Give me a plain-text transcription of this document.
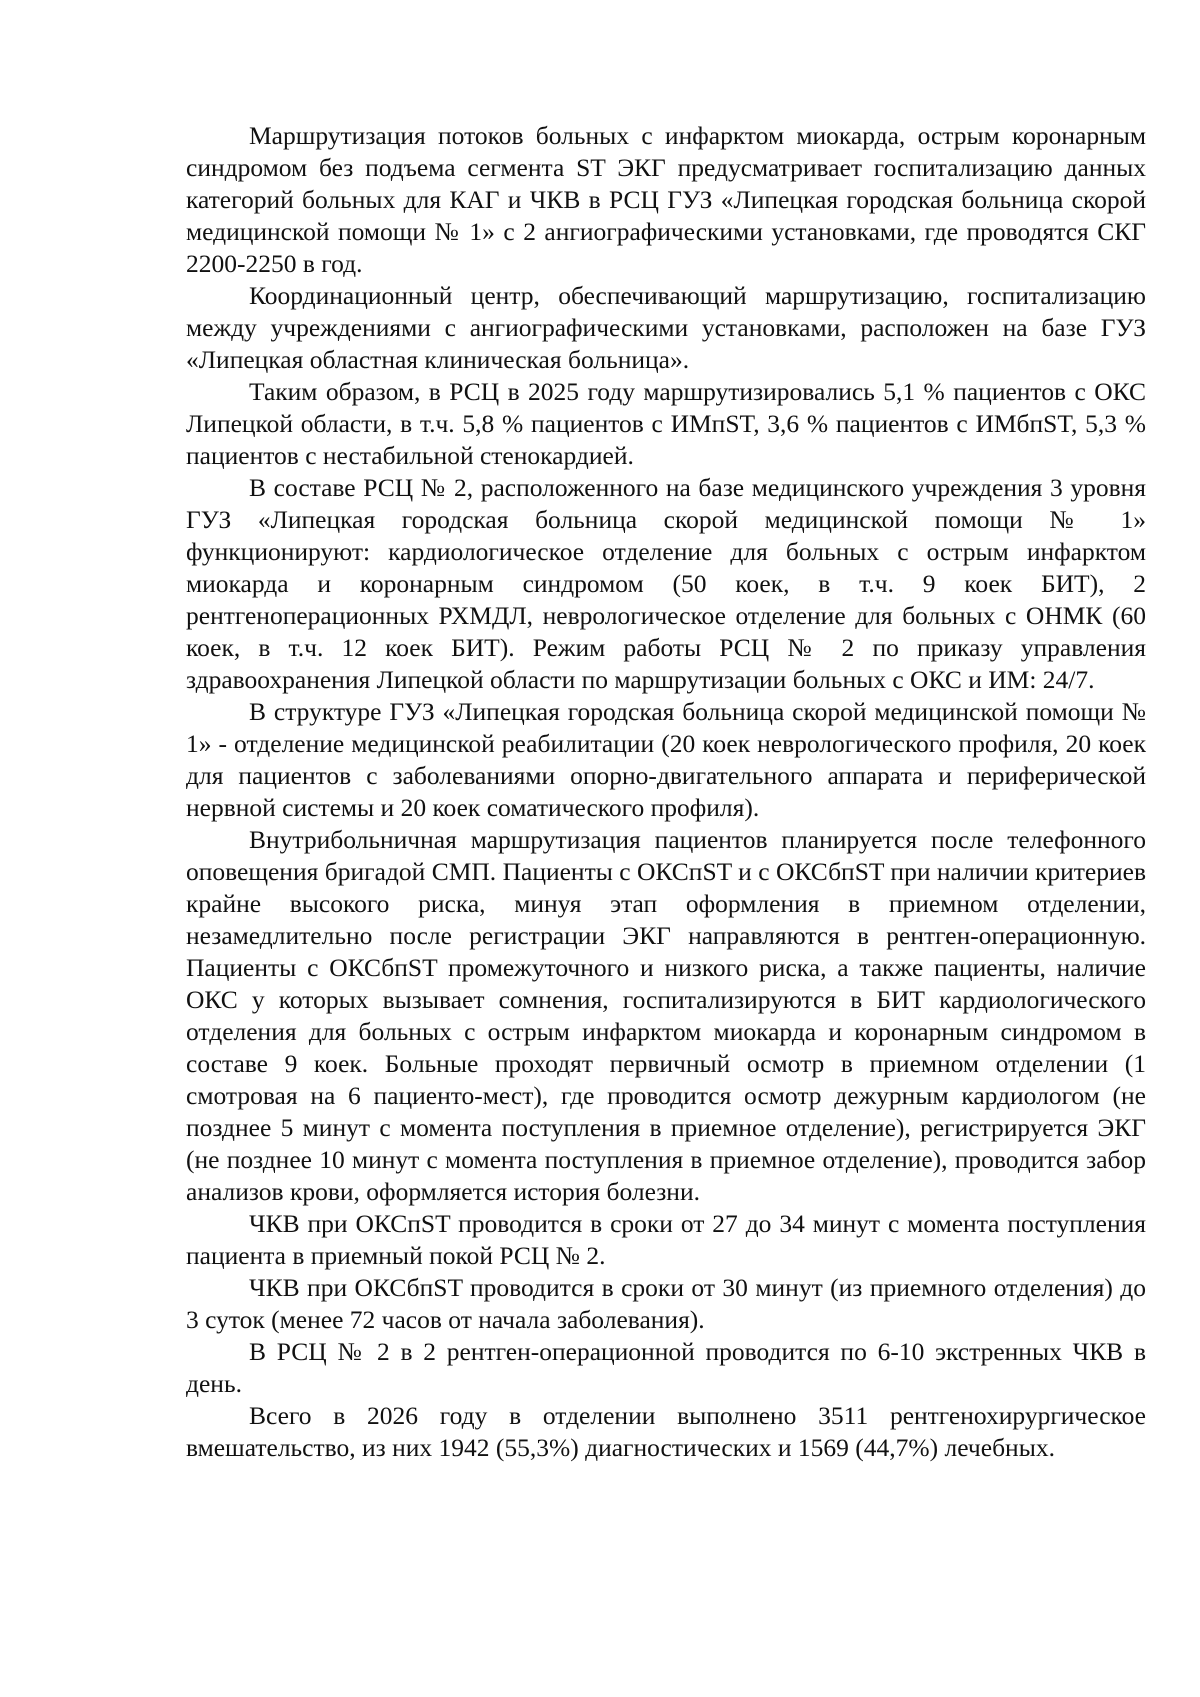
Маршрутизация потоков больных с инфарктом миокарда, острым коронарным синдромом без подъема сегмента ST ЭКГ предусматривает госпитализацию данных категорий больных для КАГ и ЧКВ в РСЦ ГУЗ «Липецкая городская больница скорой медицинской помощи № 1» с 2 ангиографическими установками, где проводятся СКГ 2200-2250 в год.

Координационный центр, обеспечивающий маршрутизацию, госпитализацию между учреждениями с ангиографическими установками, расположен на базе ГУЗ «Липецкая областная клиническая больница».

Таким образом, в РСЦ в 2025 году маршрутизировались 5,1 % пациентов с ОКС Липецкой области, в т.ч. 5,8 % пациентов с ИМпST, 3,6 % пациентов с ИМбпST, 5,3 % пациентов с нестабильной стенокардией.

В составе РСЦ № 2, расположенного на базе медицинского учреждения 3 уровня ГУЗ «Липецкая городская больница скорой медицинской помощи № 1» функционируют: кардиологическое отделение для больных с острым инфарктом миокарда и коронарным синдромом (50 коек, в т.ч. 9 коек БИТ), 2 рентгеноперационных РХМДЛ, неврологическое отделение для больных с ОНМК (60 коек, в т.ч. 12 коек БИТ). Режим работы РСЦ № 2 по приказу управления здравоохранения Липецкой области по маршрутизации больных с ОКС и ИМ: 24/7.

В структуре ГУЗ «Липецкая городская больница скорой медицинской помощи № 1» - отделение медицинской реабилитации (20 коек неврологического профиля, 20 коек для пациентов с заболеваниями опорно-двигательного аппарата и периферической нервной системы и 20 коек соматического профиля).

Внутрибольничная маршрутизация пациентов планируется после телефонного оповещения бригадой СМП. Пациенты с ОКСпST и с ОКСбпST при наличии критериев крайне высокого риска, минуя этап оформления в приемном отделении, незамедлительно после регистрации ЭКГ направляются в рентген-операционную. Пациенты с ОКСбпST промежуточного и низкого риска, а также пациенты, наличие ОКС у которых вызывает сомнения, госпитализируются в БИТ кардиологического отделения для больных с острым инфарктом миокарда и коронарным синдромом в составе 9 коек. Больные проходят первичный осмотр в приемном отделении (1 смотровая на 6 пациенто-мест), где проводится осмотр дежурным кардиологом (не позднее 5 минут с момента поступления в приемное отделение), регистрируется ЭКГ (не позднее 10 минут с момента поступления в приемное отделение), проводится забор анализов крови, оформляется история болезни.

ЧКВ при ОКСпST проводится в сроки от 27 до 34 минут с момента поступления пациента в приемный покой РСЦ № 2.

ЧКВ при ОКСбпST проводится в сроки от 30 минут (из приемного отделения) до 3 суток (менее 72 часов от начала заболевания).

В РСЦ № 2 в 2 рентген-операционной проводится по 6-10 экстренных ЧКВ в день.

Всего в 2026 году в отделении выполнено 3511 рентгенохирургическое вмешательство, из них 1942 (55,3%) диагностических и 1569 (44,7%) лечебных.
